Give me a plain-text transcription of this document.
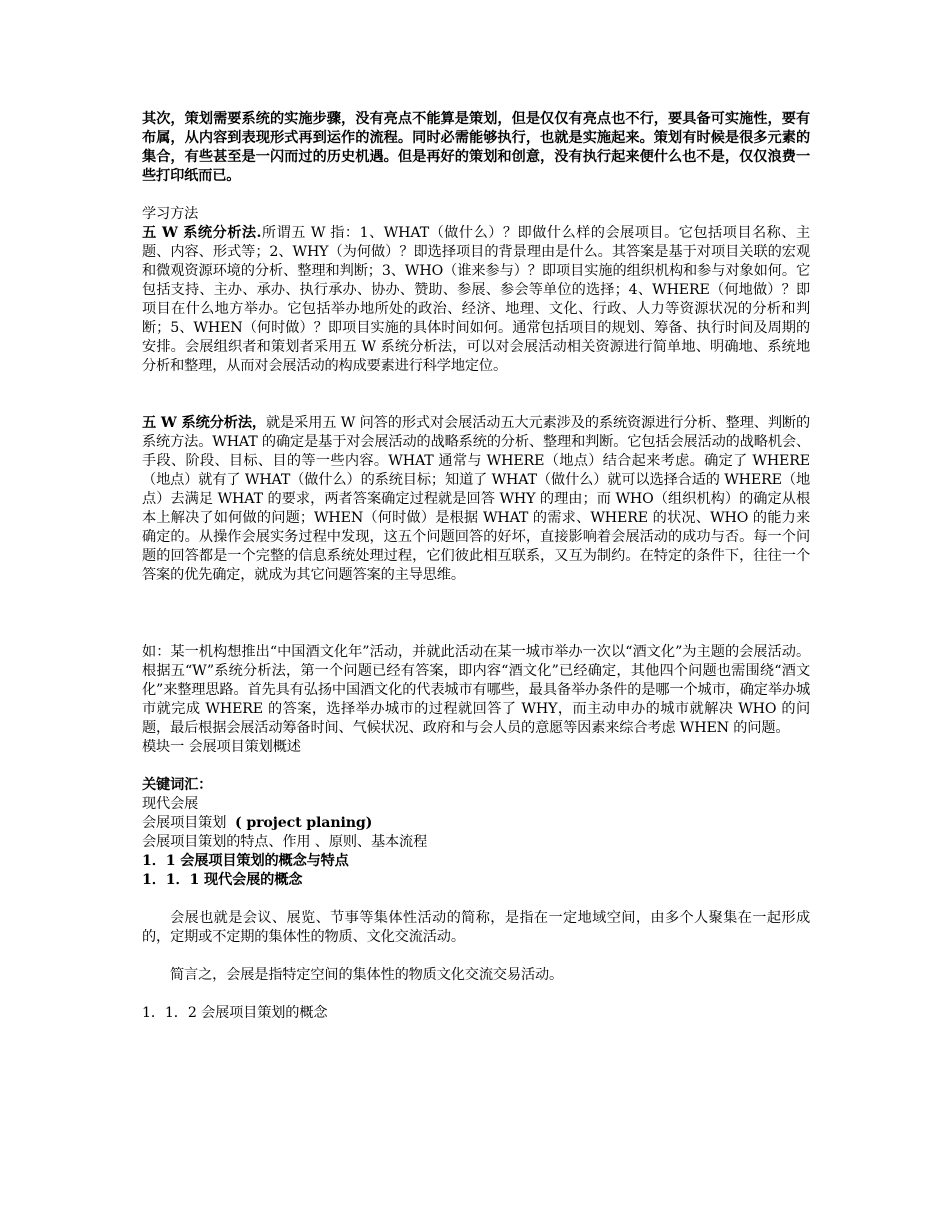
其次，策划需要系统的实施步骤，没有亮点不能算是策划，但是仅仅有亮点也不行，要具备可实施性，要有布属，从内容到表现形式再到运作的流程。同时必需能够执行，也就是实施起来。策划有时候是很多元素的集合，有些甚至是一闪而过的历史机遇。但是再好的策划和创意，没有执行起来便什么也不是，仅仅浪费一些打印纸而已。

学习方法

五 W 系统分析法.所谓五 W 指：1、WHAT（做什么）？即做什么样的会展项目。它包括项目名称、主题、内容、形式等；2、WHY（为何做）？即选择项目的背景理由是什么。其答案是基于对项目关联的宏观和微观资源环境的分析、整理和判断；3、WHO（谁来参与）？即项目实施的组织机构和参与对象如何。它包括支持、主办、承办、执行承办、协办、赞助、参展、参会等单位的选择；4、WHERE（何地做）？即项目在什么地方举办。它包括举办地所处的政治、经济、地理、文化、行政、人力等资源状况的分析和判断；5、WHEN（何时做）？即项目实施的具体时间如何。通常包括项目的规划、筹备、执行时间及周期的安排。会展组织者和策划者采用五 W 系统分析法，可以对会展活动相关资源进行简单地、明确地、系统地分析和整理，从而对会展活动的构成要素进行科学地定位。

五 W 系统分析法，就是采用五 W 问答的形式对会展活动五大元素涉及的系统资源进行分析、整理、判断的系统方法。WHAT 的确定是基于对会展活动的战略系统的分析、整理和判断。它包括会展活动的战略机会、手段、阶段、目标、目的等一些内容。WHAT 通常与 WHERE（地点）结合起来考虑。确定了 WHERE（地点）就有了 WHAT（做什么）的系统目标；知道了 WHAT（做什么）就可以选择合适的 WHERE（地点）去满足 WHAT 的要求，两者答案确定过程就是回答 WHY 的理由；而 WHO（组织机构）的确定从根本上解决了如何做的问题；WHEN（何时做）是根据 WHAT 的需求、WHERE 的状况、WHO 的能力来确定的。从操作会展实务过程中发现，这五个问题回答的好坏，直接影响着会展活动的成功与否。每一个问题的回答都是一个完整的信息系统处理过程，它们彼此相互联系，又互为制约。在特定的条件下，往往一个答案的优先确定，就成为其它问题答案的主导思维。

如：某一机构想推出“中国酒文化年”活动，并就此活动在某一城市举办一次以“酒文化”为主题的会展活动。根据五“W”系统分析法，第一个问题已经有答案，即内容“酒文化”已经确定，其他四个问题也需围绕“酒文化”来整理思路。首先具有弘扬中国酒文化的代表城市有哪些，最具备举办条件的是哪一个城市，确定举办城市就完成 WHERE 的答案，选择举办城市的过程就回答了 WHY，而主动申办的城市就解决 WHO 的问题，最后根据会展活动筹备时间、气候状况、政府和与会人员的意愿等因素来综合考虑 WHEN 的问题。

模块一 会展项目策划概述

关键词汇：

现代会展

会展项目策划 ( project planing)

会展项目策划的特点、作用 、原则、基本流程

1．1 会展项目策划的概念与特点

1．1．1 现代会展的概念

会展也就是会议、展览、节事等集体性活动的简称，是指在一定地域空间，由多个人聚集在一起形成的，定期或不定期的集体性的物质、文化交流活动。

简言之，会展是指特定空间的集体性的物质文化交流交易活动。

1．1．2 会展项目策划的概念
